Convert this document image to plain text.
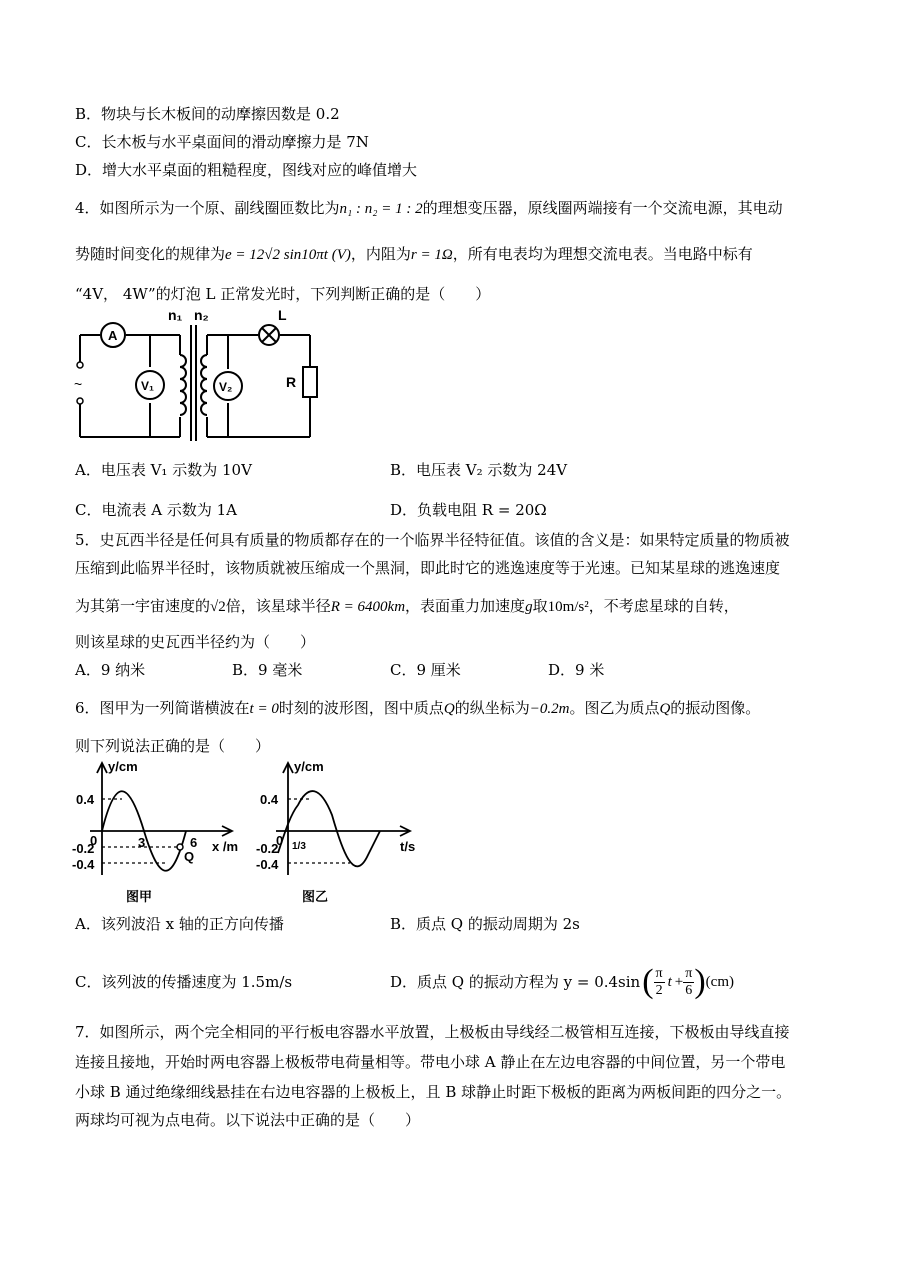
B．物块与长木板间的动摩擦因数是 0.2
C．长木板与水平桌面间的滑动摩擦力是 7N
D．增大水平桌面的粗糙程度，图线对应的峰值增大
4．如图所示为一个原、副线圈匝数比为n₁ : n₂ = 1 : 2的理想变压器，原线圈两端接有一个交流电源，其电动
势随时间变化的规律为e = 12√2 sin10πt (V)，内阻为r = 1Ω，所有电表均为理想交流电表。当电路中标有
“4V， 4W”的灯泡 L 正常发光时，下列判断正确的是（　　）
~
A
V₁	V₂
n₁ n₂	L
R
A．电压表 V₁ 示数为 10V	B．电压表 V₂ 示数为 24V
C．电流表 A 示数为 1A	D．负载电阻 R = 20Ω
5．史瓦西半径是任何具有质量的物质都存在的一个临界半径特征值。该值的含义是：如果特定质量的物质被
压缩到此临界半径时，该物质就被压缩成一个黑洞，即此时它的逃逸速度等于光速。已知某星球的逃逸速度
为其第一宇宙速度的√2倍，该星球半径R = 6400km，表面重力加速度g取10m/s²，不考虑星球的自转，
则该星球的史瓦西半径约为（　　）
A．9 纳米	B．9 毫米	C．9 厘米	D．9 米
6．图甲为一列简谐横波在t = 0时刻的波形图，图中质点Q的纵坐标为−0.2m。图乙为质点Q的振动图像。
则下列说法正确的是（　　）
y/cm
0.4
0
-0.2
-0.4
3	6 x /m
Q
图甲
y/cm
0.4
0
-0.2
-0.4
1/3	t/s
图乙
A．该列波沿 x 轴的正方向传播	B．质点 Q 的振动周期为 2s
C．该列波的传播速度为 1.5m/s	D．质点 Q 的振动方程为 y = 0.4sin ( $\frac{\pi}{2}$ $t + \frac{\pi}{6}$ ) (cm)
7．如图所示，两个完全相同的平行板电容器水平放置，上极板由导线经二极管相互连接，下极板由导线直接
连接且接地，开始时两电容器上极板带电荷量相等。带电小球 A 静止在左边电容器的中间位置，另一个带电
小球 B 通过绝缘细线悬挂在右边电容器的上极板上，且 B 球静止时距下极板的距离为两板间距的四分之一。
两球均可视为点电荷。以下说法中正确的是（　　）
